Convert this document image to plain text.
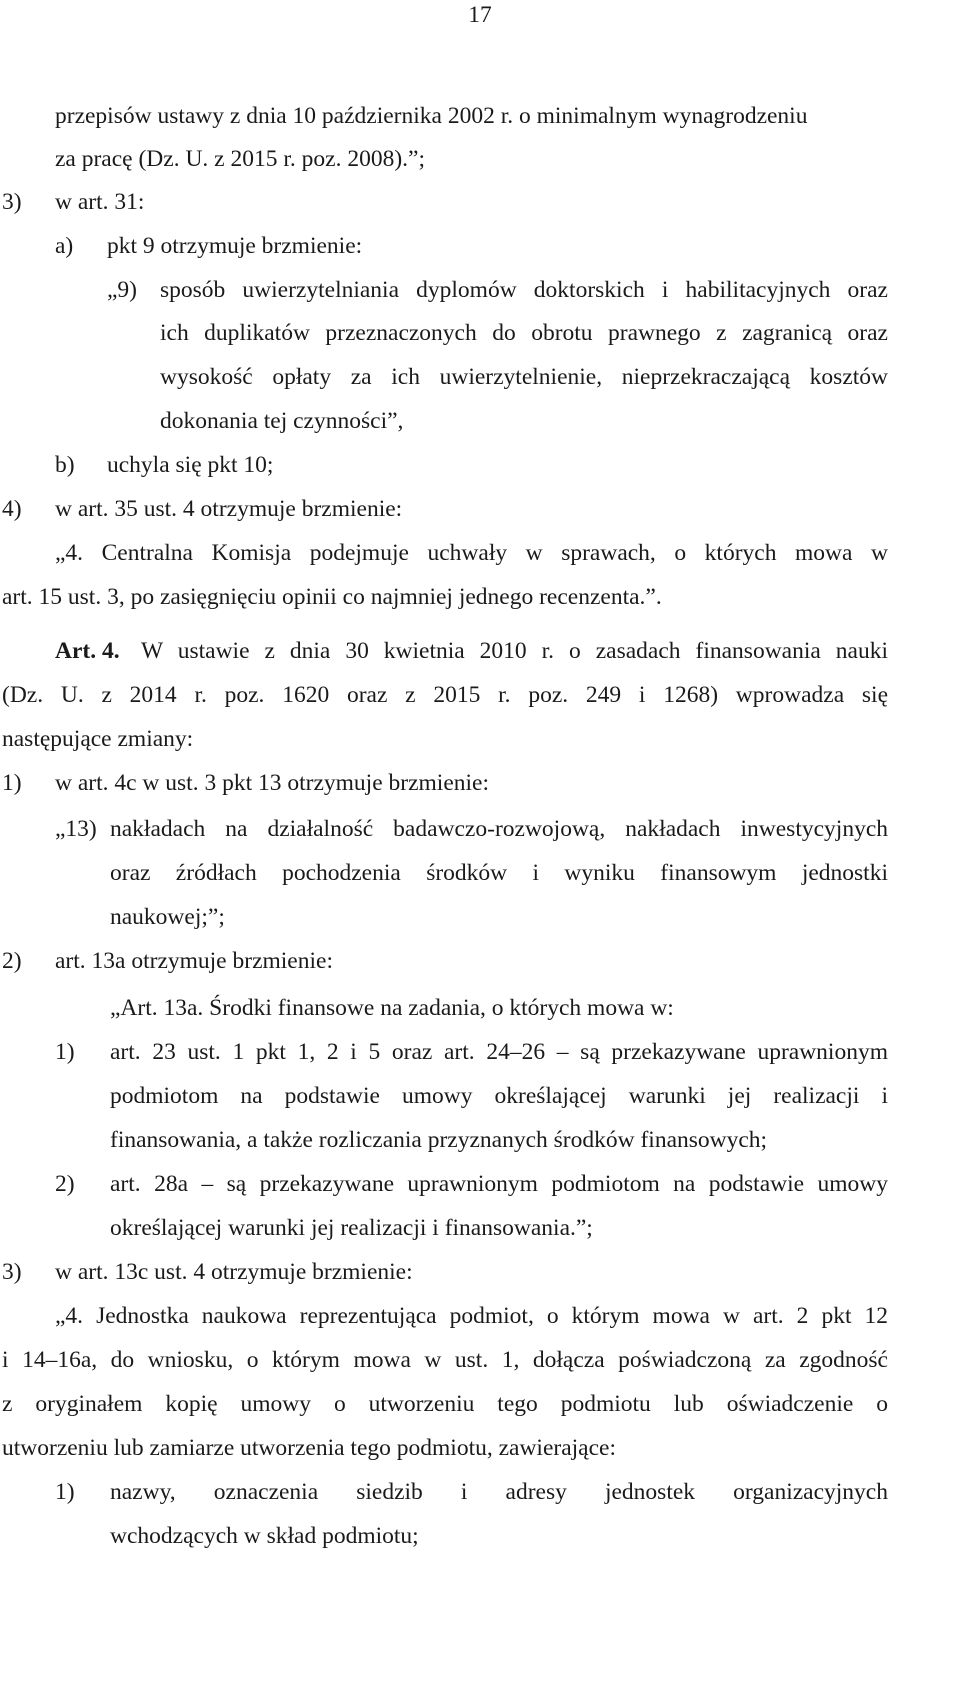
17
przepisów ustawy z dnia 10 października 2002 r. o minimalnym wynagrodzeniu
za pracę (Dz. U. z 2015 r. poz. 2008).”;
3) w art. 31:
a) pkt 9 otrzymuje brzmienie:
„9) sposób uwierzytelniania dyplomów doktorskich i habilitacyjnych oraz
ich duplikatów przeznaczonych do obrotu prawnego z zagranicą oraz
wysokość opłaty za ich uwierzytelnienie, nieprzekraczającą kosztów
dokonania tej czynności”,
b) uchyla się pkt 10;
4) w art. 35 ust. 4 otrzymuje brzmienie:
„4. Centralna Komisja podejmuje uchwały w sprawach, o których mowa w
art. 15 ust. 3, po zasięgnięciu opinii co najmniej jednego recenzenta.”.
Art. 4. W ustawie z dnia 30 kwietnia 2010 r. o zasadach finansowania nauki
(Dz. U. z 2014 r. poz. 1620 oraz z 2015 r. poz. 249 i 1268) wprowadza się
następujące zmiany:
1) w art. 4c w ust. 3 pkt 13 otrzymuje brzmienie:
„13) nakładach na działalność badawczo-rozwojową, nakładach inwestycyjnych
oraz źródłach pochodzenia środków i wyniku finansowym jednostki
naukowej;”;
2) art. 13a otrzymuje brzmienie:
„Art. 13a. Środki finansowe na zadania, o których mowa w:
1) art. 23 ust. 1 pkt 1, 2 i 5 oraz art. 24–26 – są przekazywane uprawnionym
podmiotom na podstawie umowy określającej warunki jej realizacji i
finansowania, a także rozliczania przyznanych środków finansowych;
2) art. 28a – są przekazywane uprawnionym podmiotom na podstawie umowy
określającej warunki jej realizacji i finansowania.”;
3) w art. 13c ust. 4 otrzymuje brzmienie:
„4. Jednostka naukowa reprezentująca podmiot, o którym mowa w art. 2 pkt 12
i 14–16a, do wniosku, o którym mowa w ust. 1, dołącza poświadczoną za zgodność
z oryginałem kopię umowy o utworzeniu tego podmiotu lub oświadczenie o
utworzeniu lub zamiarze utworzenia tego podmiotu, zawierające:
1) nazwy, oznaczenia siedzib i adresy jednostek organizacyjnych
wchodzących w skład podmiotu;
